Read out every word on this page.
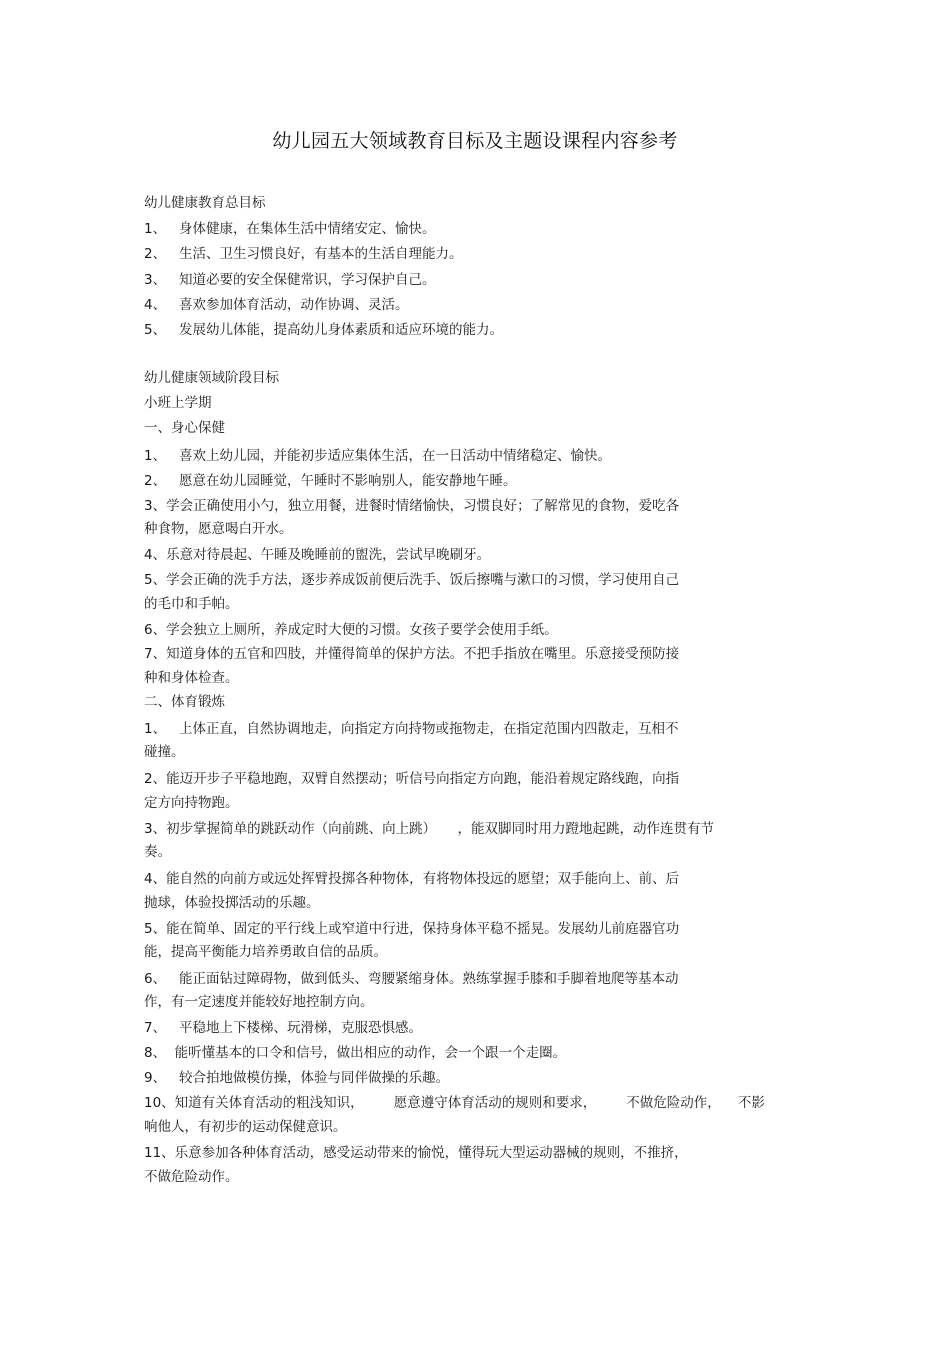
幼儿园五大领域教育目标及主题设课程内容参考
幼儿健康教育总目标
1、   身体健康，在集体生活中情绪安定、愉快。
2、   生活、卫生习惯良好，有基本的生活自理能力。
3、   知道必要的安全保健常识，学习保护自己。
4、   喜欢参加体育活动，动作协调、灵活。
5、   发展幼儿体能，提高幼儿身体素质和适应环境的能力。
幼儿健康领域阶段目标
小班上学期
一、身心保健
1、   喜欢上幼儿园，并能初步适应集体生活，在一日活动中情绪稳定、愉快。
2、   愿意在幼儿园睡觉，午睡时不影响别人，能安静地午睡。
3、学会正确使用小勺，独立用餐，进餐时情绪愉快，习惯良好；了解常见的食物，爱吃各
种食物，愿意喝白开水。
4、乐意对待晨起、午睡及晚睡前的盥洗，尝试早晚刷牙。
5、学会正确的洗手方法，逐步养成饭前便后洗手、饭后擦嘴与漱口的习惯，学习使用自己
的毛巾和手帕。
6、学会独立上厕所，养成定时大便的习惯。女孩子要学会使用手纸。
7、知道身体的五官和四肢，并懂得简单的保护方法。不把手指放在嘴里。乐意接受预防接
种和身体检查。
二、体育锻炼
1、   上体正直，自然协调地走，向指定方向持物或拖物走，在指定范围内四散走，互相不
碰撞。
2、能迈开步子平稳地跑，双臂自然摆动；听信号向指定方向跑，能沿着规定路线跑，向指
定方向持物跑。
3、初步掌握简单的跳跃动作（向前跳、向上跳）     ，能双脚同时用力蹬地起跳，动作连贯有节
奏。
4、能自然的向前方或远处挥臂投掷各种物体，有将物体投远的愿望；双手能向上、前、后
抛球，体验投掷活动的乐趣。
5、能在简单、固定的平行线上或窄道中行进，保持身体平稳不摇晃。发展幼儿前庭器官功
能，提高平衡能力培养勇敢自信的品质。
6、   能正面钻过障碍物，做到低头、弯腰紧缩身体。熟练掌握手膝和手脚着地爬等基本动
作，有一定速度并能较好地控制方向。
7、   平稳地上下楼梯、玩滑梯，克服恐惧感。
8、  能听懂基本的口令和信号，做出相应的动作，会一个跟一个走圈。
9、   较合拍地做模仿操，体验与同伴做操的乐趣。
10、知道有关体育活动的粗浅知识，       愿意遵守体育活动的规则和要求，       不做危险动作，    不影
响他人，有初步的运动保健意识。
11、乐意参加各种体育活动，感受运动带来的愉悦，懂得玩大型运动器械的规则，不推挤，
不做危险动作。
